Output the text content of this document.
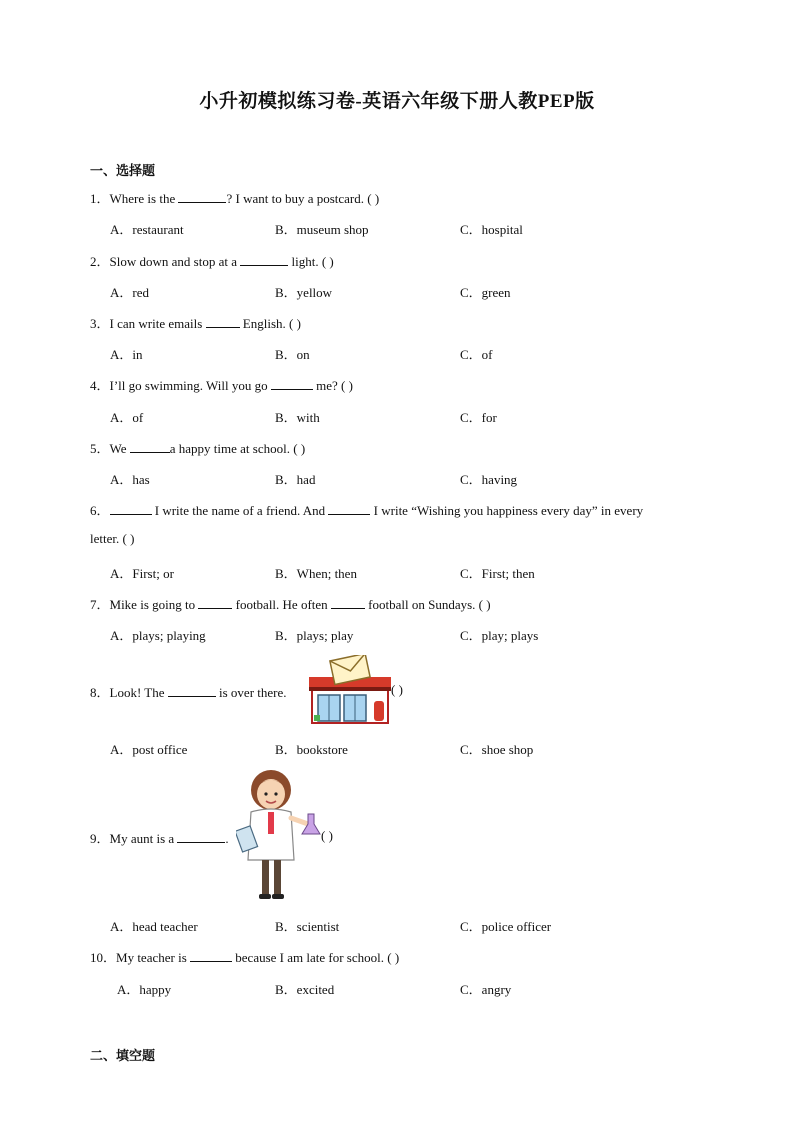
小升初模拟练习卷-英语六年级下册人教PEP版
一、选择题
1．Where is the	? I want to buy a postcard. ( )
A．restaurant	B．museum shop	C．hospital
2．Slow down and stop at a	light. ( )
A．red	B．yellow	C．green
3．I can write emails	English. ( )
A．in	B．on	C．of
4．I’ll go swimming. Will you go	me? ( )
A．of	B．with	C．for
5．We	a happy time at school. ( )
A．has	B．had	C．having
6．	I write the name of a friend. And	I write “Wishing you happiness every day” in every
letter. ( )
A．First; or	B．When; then	C．First; then
7．Mike is going to	football. He often	football on Sundays. ( )
A．plays; playing	B．plays; play	C．play; plays
8．Look! The	is over there.	( )
A．post office	B．bookstore	C．shoe shop
9．My aunt is a	.	( )
A．head teacher	B．scientist	C．police officer
10．My teacher is	because I am late for school. ( )
A．happy	B．excited	C．angry
二、填空题
